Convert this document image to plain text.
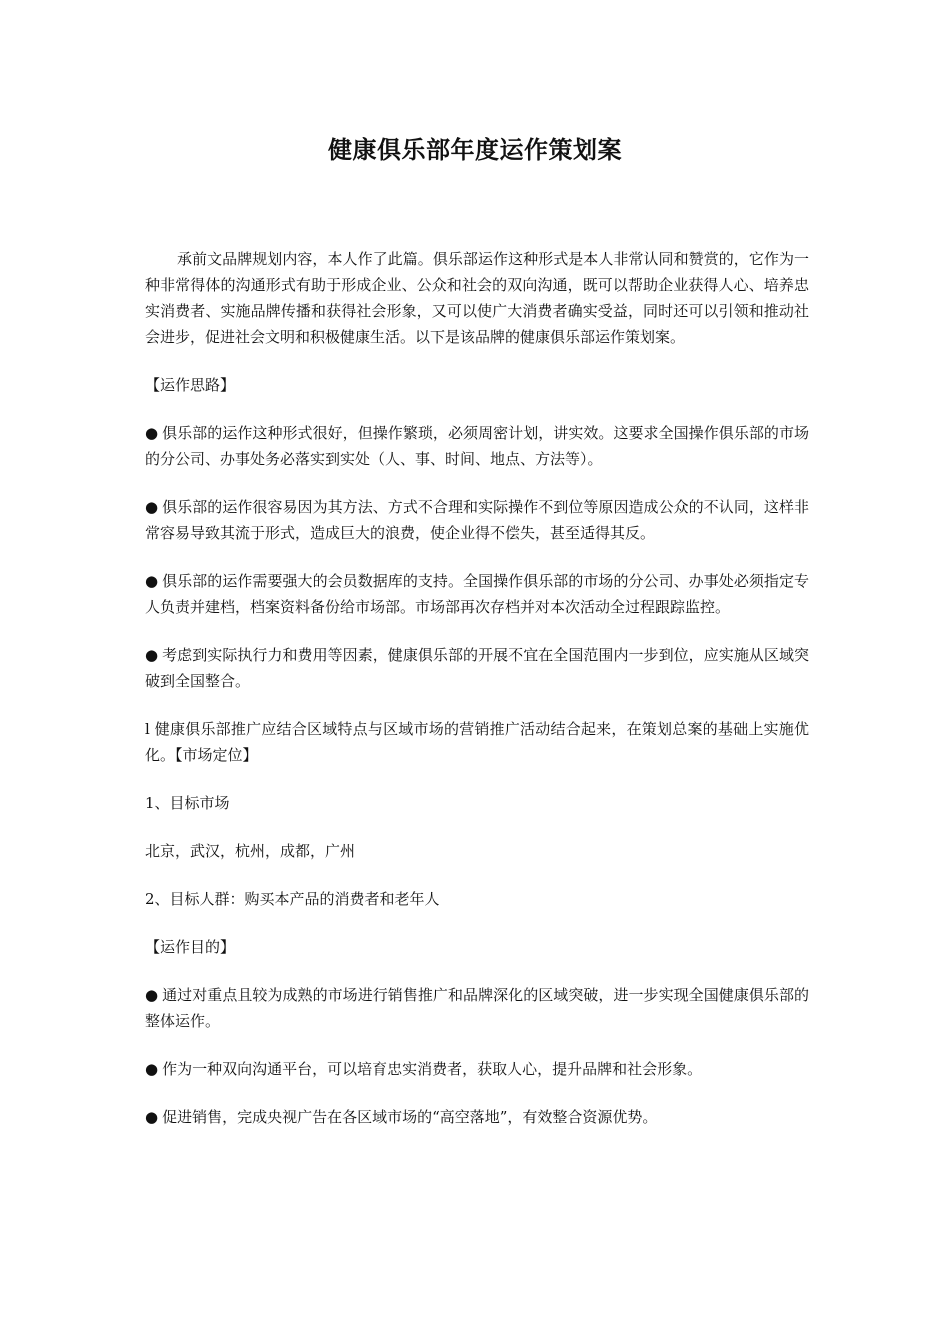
健康俱乐部年度运作策划案

承前文品牌规划内容，本人作了此篇。俱乐部运作这种形式是本人非常认同和赞赏的，它作为一种非常得体的沟通形式有助于形成企业、公众和社会的双向沟通，既可以帮助企业获得人心、培养忠实消费者、实施品牌传播和获得社会形象，又可以使广大消费者确实受益，同时还可以引领和推动社会进步，促进社会文明和积极健康生活。以下是该品牌的健康俱乐部运作策划案。

【运作思路】

● 俱乐部的运作这种形式很好，但操作繁琐，必须周密计划，讲实效。这要求全国操作俱乐部的市场的分公司、办事处务必落实到实处（人、事、时间、地点、方法等）。

● 俱乐部的运作很容易因为其方法、方式不合理和实际操作不到位等原因造成公众的不认同，这样非常容易导致其流于形式，造成巨大的浪费，使企业得不偿失，甚至适得其反。

● 俱乐部的运作需要强大的会员数据库的支持。全国操作俱乐部的市场的分公司、办事处必须指定专人负责并建档，档案资料备份给市场部。市场部再次存档并对本次活动全过程跟踪监控。

● 考虑到实际执行力和费用等因素，健康俱乐部的开展不宜在全国范围内一步到位，应实施从区域突破到全国整合。

l 健康俱乐部推广应结合区域特点与区域市场的营销推广活动结合起来，在策划总案的基础上实施优化。【市场定位】

1、目标市场

北京，武汉，杭州，成都，广州

2、目标人群：购买本产品的消费者和老年人

【运作目的】

● 通过对重点且较为成熟的市场进行销售推广和品牌深化的区域突破，进一步实现全国健康俱乐部的整体运作。

● 作为一种双向沟通平台，可以培育忠实消费者，获取人心，提升品牌和社会形象。

● 促进销售，完成央视广告在各区域市场的“高空落地”，有效整合资源优势。
